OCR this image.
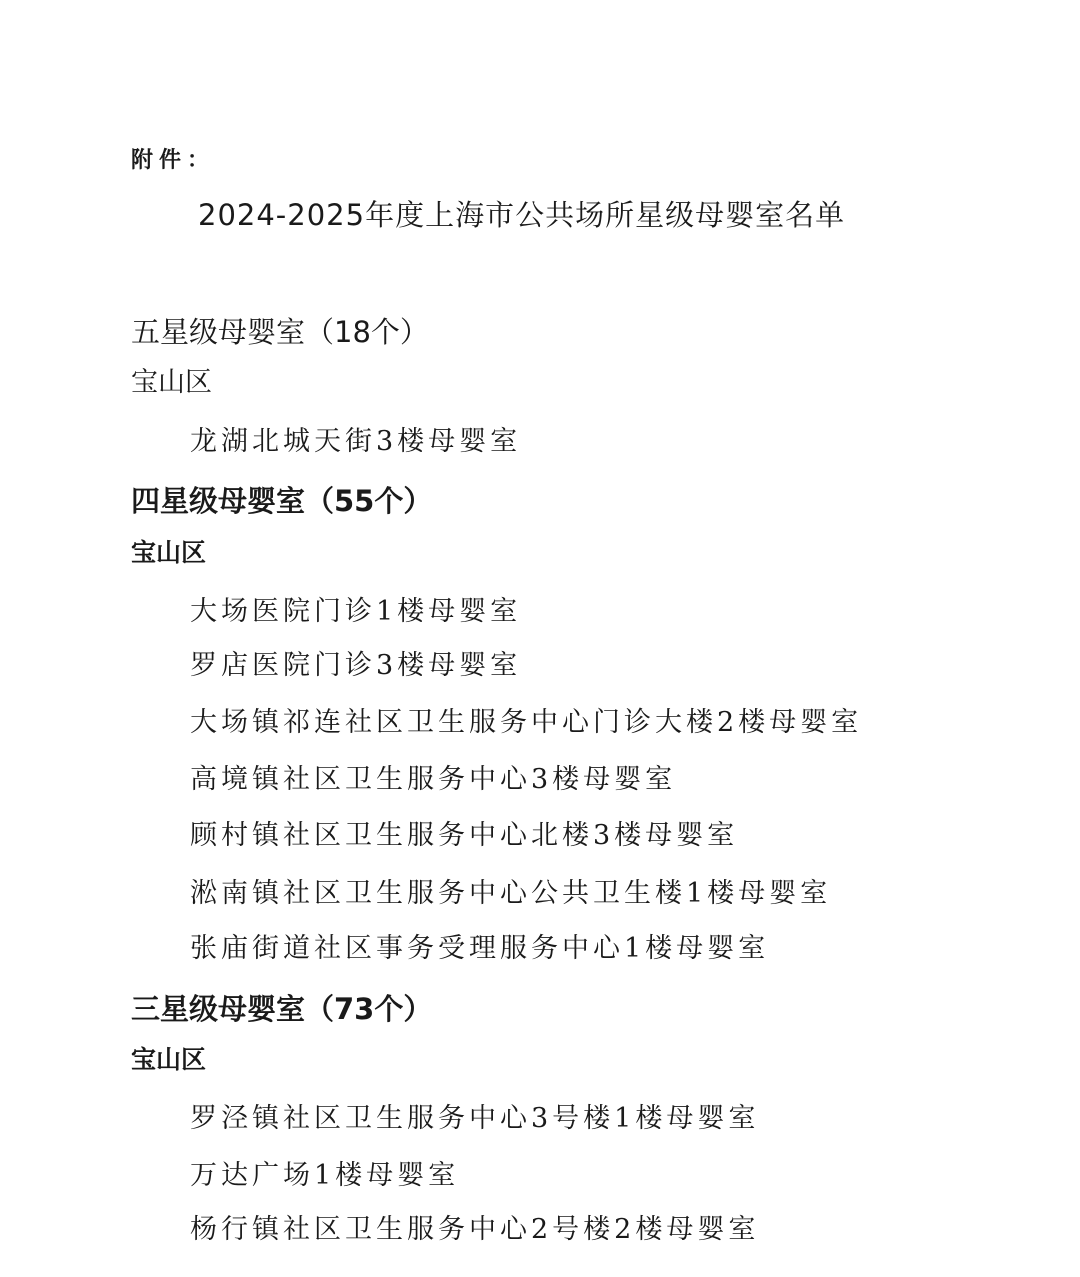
附件：
2024-2025年度上海市公共场所星级母婴室名单
五星级母婴室（18个）
宝山区
龙湖北城天街3楼母婴室
四星级母婴室（55个）
宝山区
大场医院门诊1楼母婴室
罗店医院门诊3楼母婴室
大场镇祁连社区卫生服务中心门诊大楼2楼母婴室
高境镇社区卫生服务中心3楼母婴室
顾村镇社区卫生服务中心北楼3楼母婴室
淞南镇社区卫生服务中心公共卫生楼1楼母婴室
张庙街道社区事务受理服务中心1楼母婴室
三星级母婴室（73个）
宝山区
罗泾镇社区卫生服务中心3号楼1楼母婴室
万达广场1楼母婴室
杨行镇社区卫生服务中心2号楼2楼母婴室
